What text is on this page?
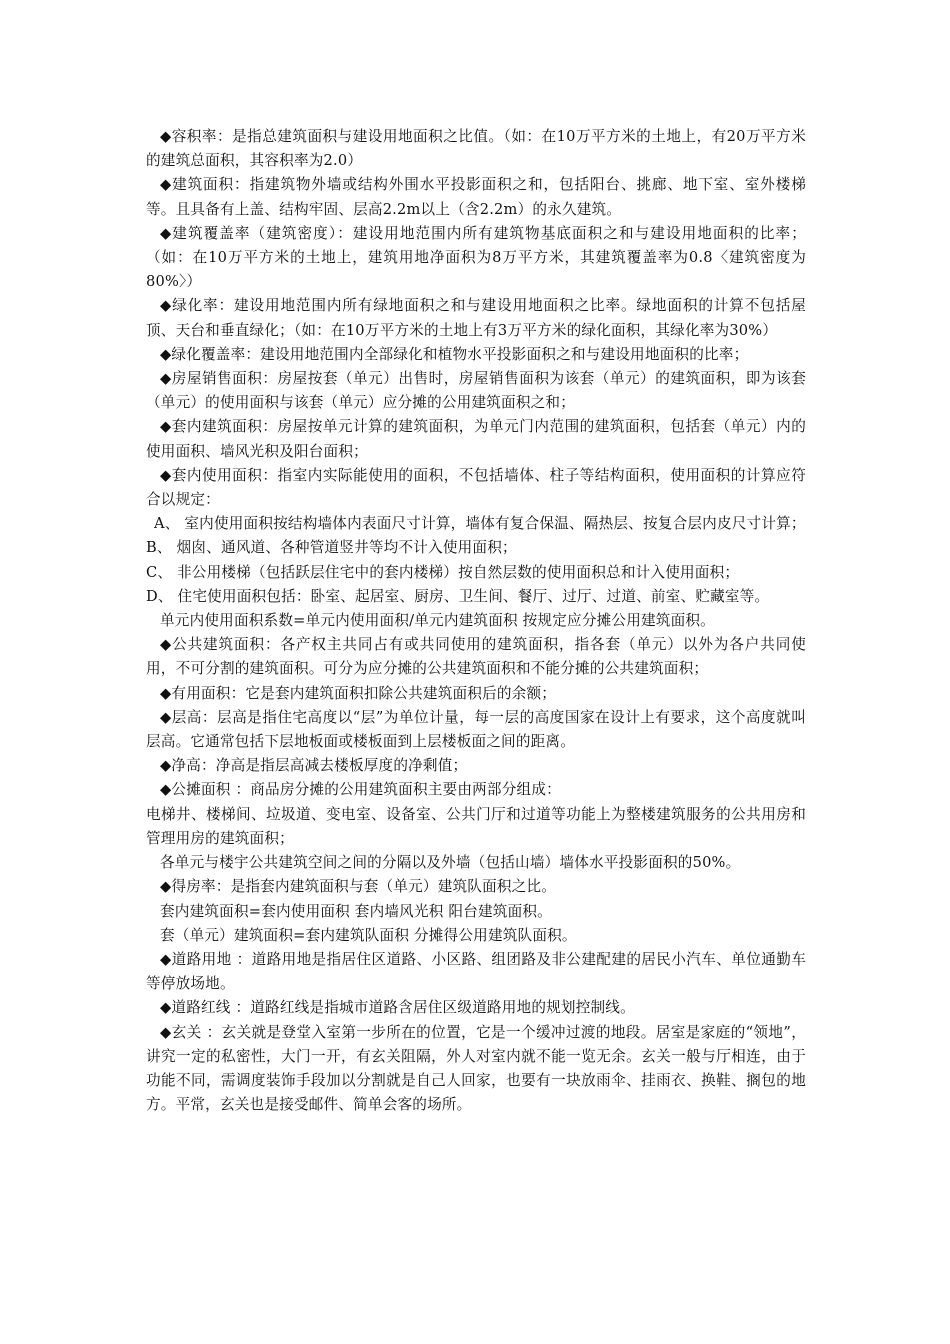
◆容积率：是指总建筑面积与建设用地面积之比值。（如：在10万平方米的土地上，有20万平方米的建筑总面积，其容积率为2.0）

◆建筑面积：指建筑物外墙或结构外围水平投影面积之和，包括阳台、挑廊、地下室、室外楼梯等。且具备有上盖、结构牢固、层高2.2m以上（含2.2m）的永久建筑。

◆建筑覆盖率（建筑密度）：建设用地范围内所有建筑物基底面积之和与建设用地面积的比率；（如：在10万平方米的土地上，建筑用地净面积为8万平方米，其建筑覆盖率为0.8〈建筑密度为80%〉）

◆绿化率：建设用地范围内所有绿地面积之和与建设用地面积之比率。绿地面积的计算不包括屋顶、天台和垂直绿化；（如：在10万平方米的土地上有3万平方米的绿化面积，其绿化率为30%）

◆绿化覆盖率：建设用地范围内全部绿化和植物水平投影面积之和与建设用地面积的比率；

◆房屋销售面积：房屋按套（单元）出售时，房屋销售面积为该套（单元）的建筑面积，即为该套（单元）的使用面积与该套（单元）应分摊的公用建筑面积之和；

◆套内建筑面积：房屋按单元计算的建筑面积，为单元门内范围的建筑面积，包括套（单元）内的使用面积、墙风光积及阳台面积；

◆套内使用面积：指室内实际能使用的面积，不包括墙体、柱子等结构面积，使用面积的计算应符合以规定：

A、 室内使用面积按结构墙体内表面尺寸计算，墙体有复合保温、隔热层、按复合层内皮尺寸计算；

B、 烟囱、通风道、各种管道竖井等均不计入使用面积；

C、 非公用楼梯（包括跃层住宅中的套内楼梯）按自然层数的使用面积总和计入使用面积；

D、 住宅使用面积包括：卧室、起居室、厨房、卫生间、餐厅、过厅、过道、前室、贮藏室等。

单元内使用面积系数=单元内使用面积/单元内建筑面积 按规定应分摊公用建筑面积。

◆公共建筑面积：各产权主共同占有或共同使用的建筑面积，指各套（单元）以外为各户共同使用，不可分割的建筑面积。可分为应分摊的公共建筑面积和不能分摊的公共建筑面积；

◆有用面积：它是套内建筑面积扣除公共建筑面积后的余额；

◆层高：层高是指住宅高度以“层”为单位计量，每一层的高度国家在设计上有要求，这个高度就叫层高。它通常包括下层地板面或楼板面到上层楼板面之间的距离。

◆净高：净高是指层高减去楼板厚度的净剩值；

◆公摊面积 ：商品房分摊的公用建筑面积主要由两部分组成：

电梯井、楼梯间、垃圾道、变电室、设备室、公共门厅和过道等功能上为整楼建筑服务的公共用房和管理用房的建筑面积；

各单元与楼宇公共建筑空间之间的分隔以及外墙（包括山墙）墙体水平投影面积的50%。

◆得房率：是指套内建筑面积与套（单元）建筑队面积之比。

套内建筑面积=套内使用面积 套内墙风光积 阳台建筑面积。

套（单元）建筑面积=套内建筑队面积 分摊得公用建筑队面积。

◆道路用地 ：道路用地是指居住区道路、小区路、组团路及非公建配建的居民小汽车、单位通勤车等停放场地。

◆道路红线 ：道路红线是指城市道路含居住区级道路用地的规划控制线。

◆玄关 ：玄关就是登堂入室第一步所在的位置，它是一个缓冲过渡的地段。居室是家庭的“领地”，讲究一定的私密性，大门一开，有玄关阻隔，外人对室内就不能一览无余。玄关一般与厅相连，由于功能不同，需调度装饰手段加以分割就是自己人回家，也要有一块放雨伞、挂雨衣、换鞋、搁包的地方。平常，玄关也是接受邮件、简单会客的场所。
